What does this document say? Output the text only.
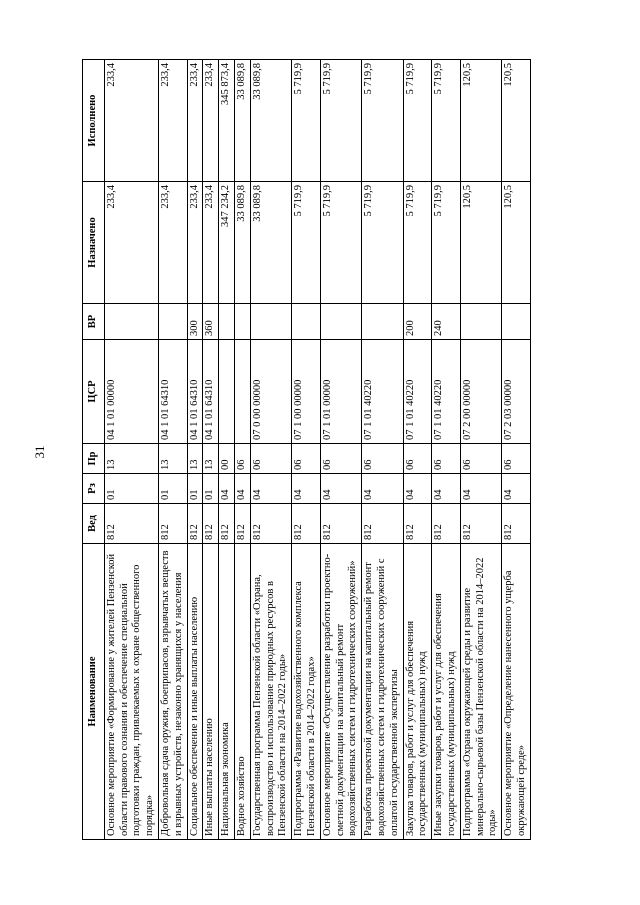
31
Наименование	Вед	Рз	Пр	ЦСР	ВР	Назначено	Исполнено
Основное мероприятие «Формирование у жителей Пензенской области правового сознания и обеспечение специальной подготовки граждан, привлекаемых к охране общественного порядка»	812	01	13	04 1 01 00000		233,4	233,4
Добровольная сдача оружия, боеприпасов, взрывчатых веществ и взрывных устройств, незаконно хранящихся у населения	812	01	13	04 1 01 64310		233,4	233,4
Социальное обеспечение и иные выплаты населению	812	01	13	04 1 01 64310	300	233,4	233,4
Иные выплаты населению	812	01	13	04 1 01 64310	360	233,4	233,4
Национальная экономика	812	04	00			347 234,2	345 873,4
Водное хозяйство	812	04	06			33 089,8	33 089,8
Государственная программа Пензенской области «Охрана, воспроизводство и использование природных ресурсов в Пензенской области на 2014–2022 годы»	812	04	06	07 0 00 00000		33 089,8	33 089,8
Подпрограмма «Развитие водохозяйственного комплекса Пензенской области в 2014–2022 годах»	812	04	06	07 1 00 00000		5 719,9	5 719,9
Основное мероприятие «Осуществление разработки проектно-сметной документации на капитальный ремонт водохозяйственных систем и гидротехнических сооружений»	812	04	06	07 1 01 00000		5 719,9	5 719,9
Разработка проектной документации на капитальный ремонт водохозяйственных систем и гидротехнических сооружений с оплатой государственной экспертизы	812	04	06	07 1 01 40220		5 719,9	5 719,9
Закупка товаров, работ и услуг для обеспечения государственных (муниципальных) нужд	812	04	06	07 1 01 40220	200	5 719,9	5 719,9
Иные закупки товаров, работ и услуг для обеспечения государственных (муниципальных) нужд	812	04	06	07 1 01 40220	240	5 719,9	5 719,9
Подпрограмма «Охрана окружающей среды и развитие минерально-сырьевой базы Пензенской области на 2014–2022 годы»	812	04	06	07 2 00 00000		120,5	120,5
Основное мероприятие «Определение нанесенного ущерба окружающей среде»	812	04	06	07 2 03 00000		120,5	120,5
